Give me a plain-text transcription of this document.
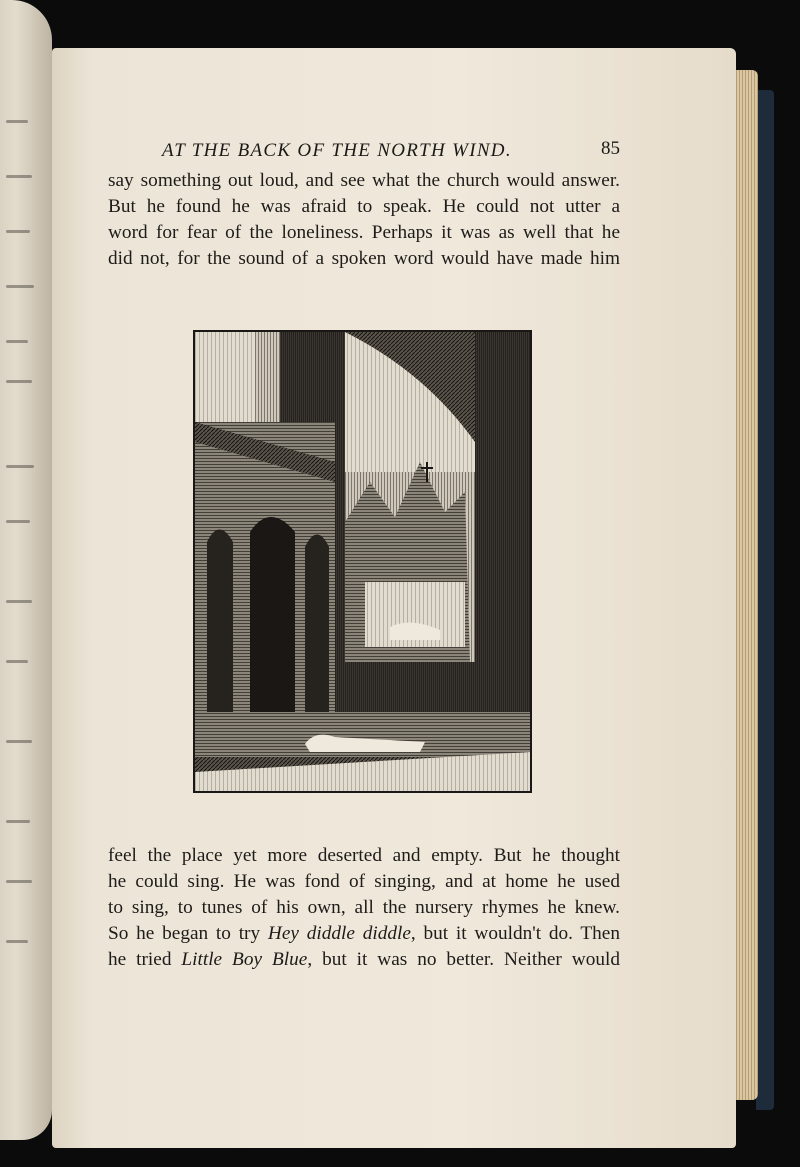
AT THE BACK OF THE NORTH WIND.	85
say something out loud, and see what the church would answer.
But he found he was afraid to speak. He could not utter a
word for fear of the loneliness. Perhaps it was as well that he
did not, for the sound of a spoken word would have made him
feel the place yet more deserted and empty. But he thought
he could sing. He was fond of singing, and at home he used
to sing, to tunes of his own, all the nursery rhymes he knew.
So he began to try Hey diddle diddle, but it wouldn't do. Then
he tried Little Boy Blue, but it was no better. Neither would
